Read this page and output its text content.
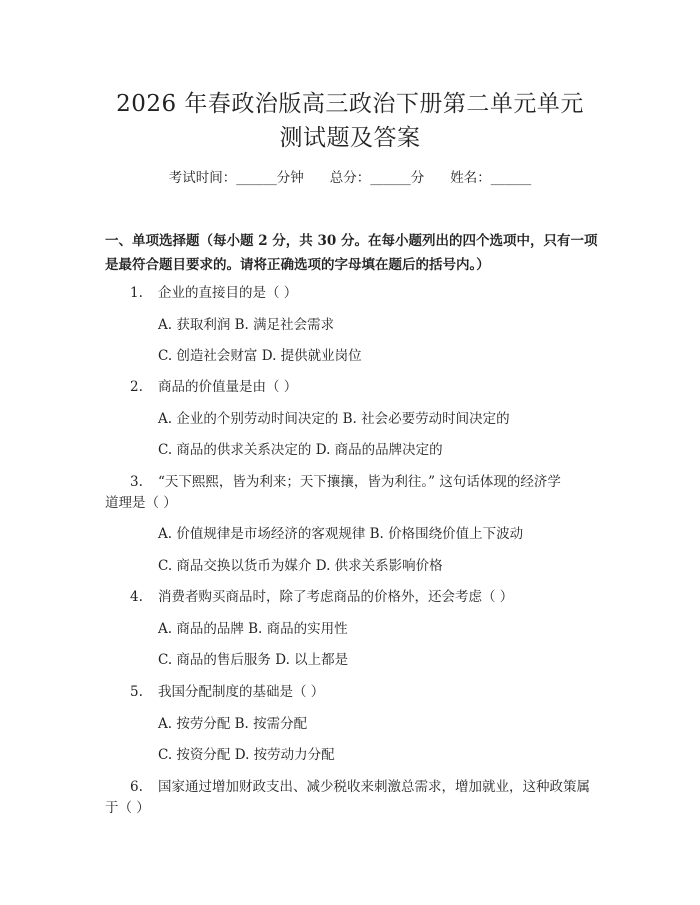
2026 年春政治版高三政治下册第二单元单元
测试题及答案
考试时间：______分钟 总分：______分 姓名：______

一、单项选择题（每小题 2 分，共 30 分。在每小题列出的四个选项中，只有一项是最符合题目要求的。请将正确选项的字母填在题后的括号内。）

1. 企业的直接目的是（ ）

A. 获取利润 B. 满足社会需求

C. 创造社会财富 D. 提供就业岗位

2. 商品的价值量是由（ ）

A. 企业的个别劳动时间决定的 B. 社会必要劳动时间决定的

C. 商品的供求关系决定的 D. 商品的品牌决定的

3. “天下熙熙，皆为利来；天下攘攘，皆为利往。” 这句话体现的经济学

道理是（ ）

A. 价值规律是市场经济的客观规律 B. 价格围绕价值上下波动

C. 商品交换以货币为媒介 D. 供求关系影响价格

4. 消费者购买商品时，除了考虑商品的价格外，还会考虑（ ）

A. 商品的品牌 B. 商品的实用性

C. 商品的售后服务 D. 以上都是

5. 我国分配制度的基础是（ ）

A. 按劳分配 B. 按需分配

C. 按资分配 D. 按劳动力分配

6. 国家通过增加财政支出、减少税收来刺激总需求，增加就业，这种政策属

于（ ）
